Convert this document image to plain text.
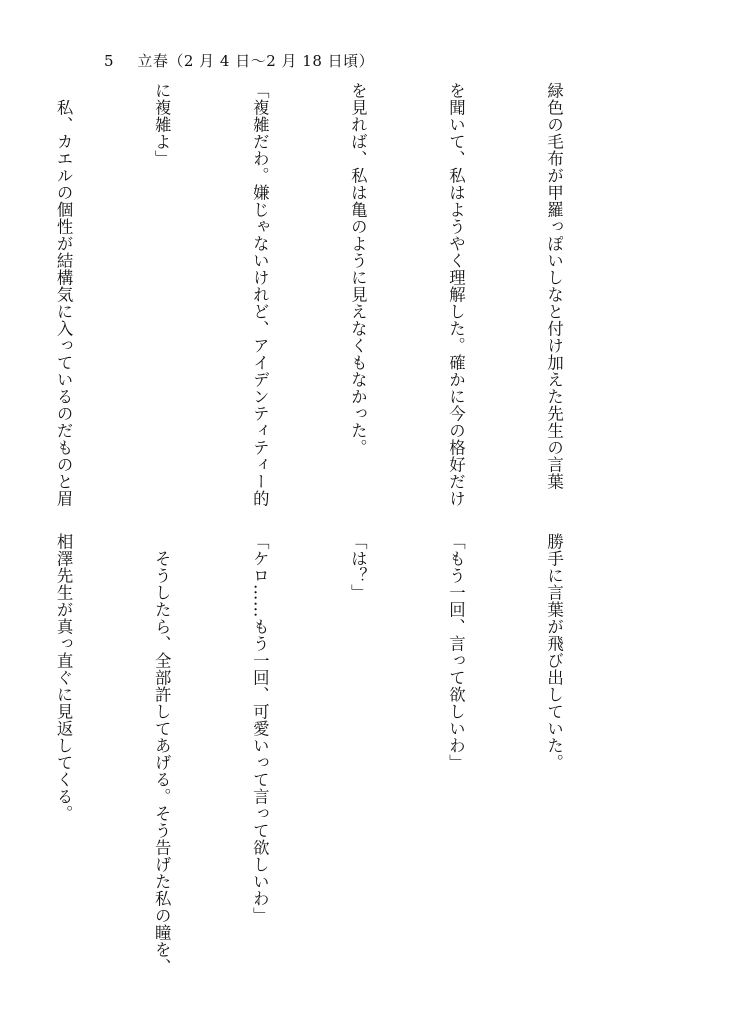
5 立春（2 月 4 日〜2 月 18 日頃）

緑色の毛布が甲羅っぽいしなと付け加えた先生の言葉

を聞いて、私はようやく理解した。確かに今の格好だけ

を見れば、私は亀のように見えなくもなかった。

「複雑だわ。嫌じゃないけれど、アイデンティティー的

に複雑よ」

　私、カエルの個性が結構気に入っているのだものと眉

勝手に言葉が飛び出していた。

「もう一回、言って欲しいわ」

「は？」

「ケロ……もう一回、可愛いって言って欲しいわ」

　そうしたら、全部許してあげる。そう告げた私の瞳を、

相澤先生が真っ直ぐに見返してくる。
